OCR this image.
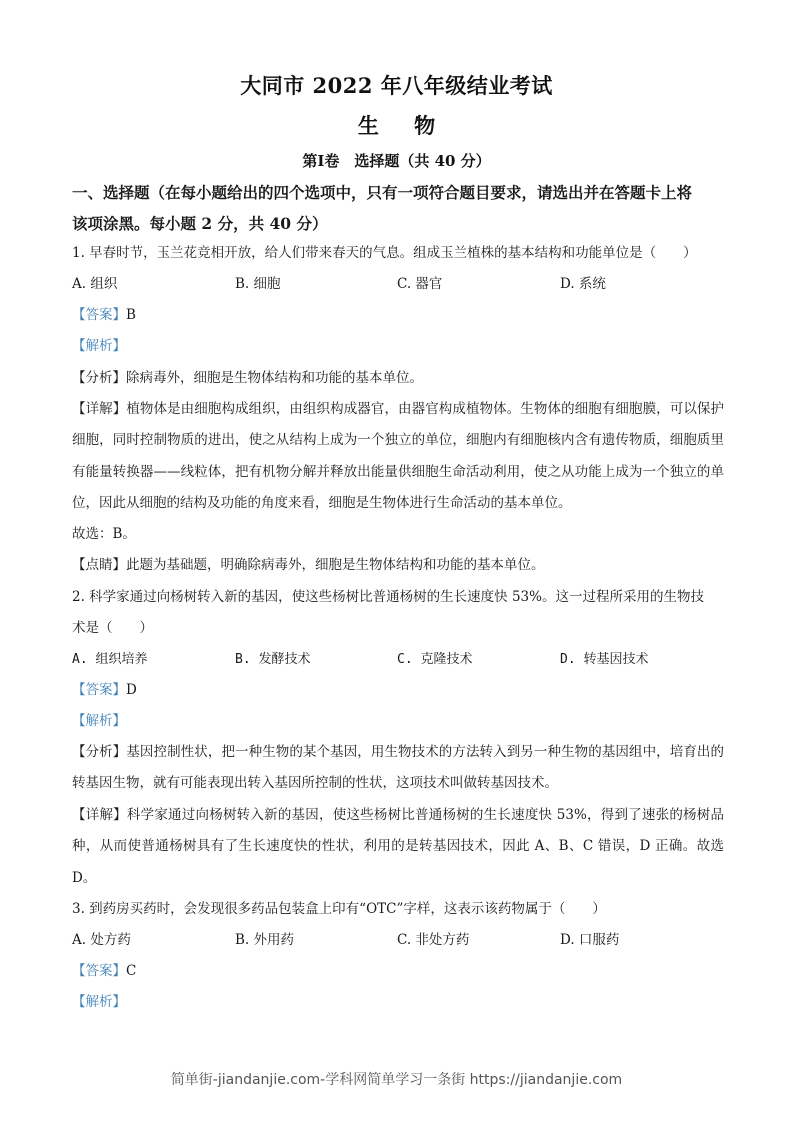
大同市 2022 年八年级结业考试
生 物
第Ⅰ卷　选择题（共 40 分）
一、选择题（在每小题给出的四个选项中，只有一项符合题目要求，请选出并在答题卡上将
该项涂黑。每小题 2 分，共 40 分）
1. 早春时节，玉兰花竞相开放，给人们带来春天的气息。组成玉兰植株的基本结构和功能单位是（　　）
A. 组织	B. 细胞	C. 器官	D. 系统
【答案】B
【解析】
【分析】除病毒外，细胞是生物体结构和功能的基本单位。
【详解】植物体是由细胞构成组织，由组织构成器官，由器官构成植物体。生物体的细胞有细胞膜，可以保护细胞，同时控制物质的进出，使之从结构上成为一个独立的单位，细胞内有细胞核内含有遗传物质，细胞质里有能量转换器——线粒体，把有机物分解并释放出能量供细胞生命活动利用，使之从功能上成为一个独立的单位，因此从细胞的结构及功能的角度来看，细胞是生物体进行生命活动的基本单位。
故选：B。
【点睛】此题为基础题，明确除病毒外，细胞是生物体结构和功能的基本单位。
2. 科学家通过向杨树转入新的基因，使这些杨树比普通杨树的生长速度快 53%。这一过程所采用的生物技
术是（　　）
A. 组织培养	B. 发酵技术	C. 克隆技术	D. 转基因技术
【答案】D
【解析】
【分析】基因控制性状，把一种生物的某个基因，用生物技术的方法转入到另一种生物的基因组中，培育出的转基因生物，就有可能表现出转入基因所控制的性状，这项技术叫做转基因技术。
【详解】科学家通过向杨树转入新的基因，使这些杨树比普通杨树的生长速度快 53%，得到了速张的杨树品种，从而使普通杨树具有了生长速度快的性状，利用的是转基因技术，因此 A、B、C 错误，D 正确。故选 D。
3. 到药房买药时，会发现很多药品包装盒上印有“OTC”字样，这表示该药物属于（　　）
A. 处方药	B. 外用药	C. 非处方药	D. 口服药
【答案】C
【解析】
简单街-jiandanjie.com-学科网简单学习一条街 https://jiandanjie.com
